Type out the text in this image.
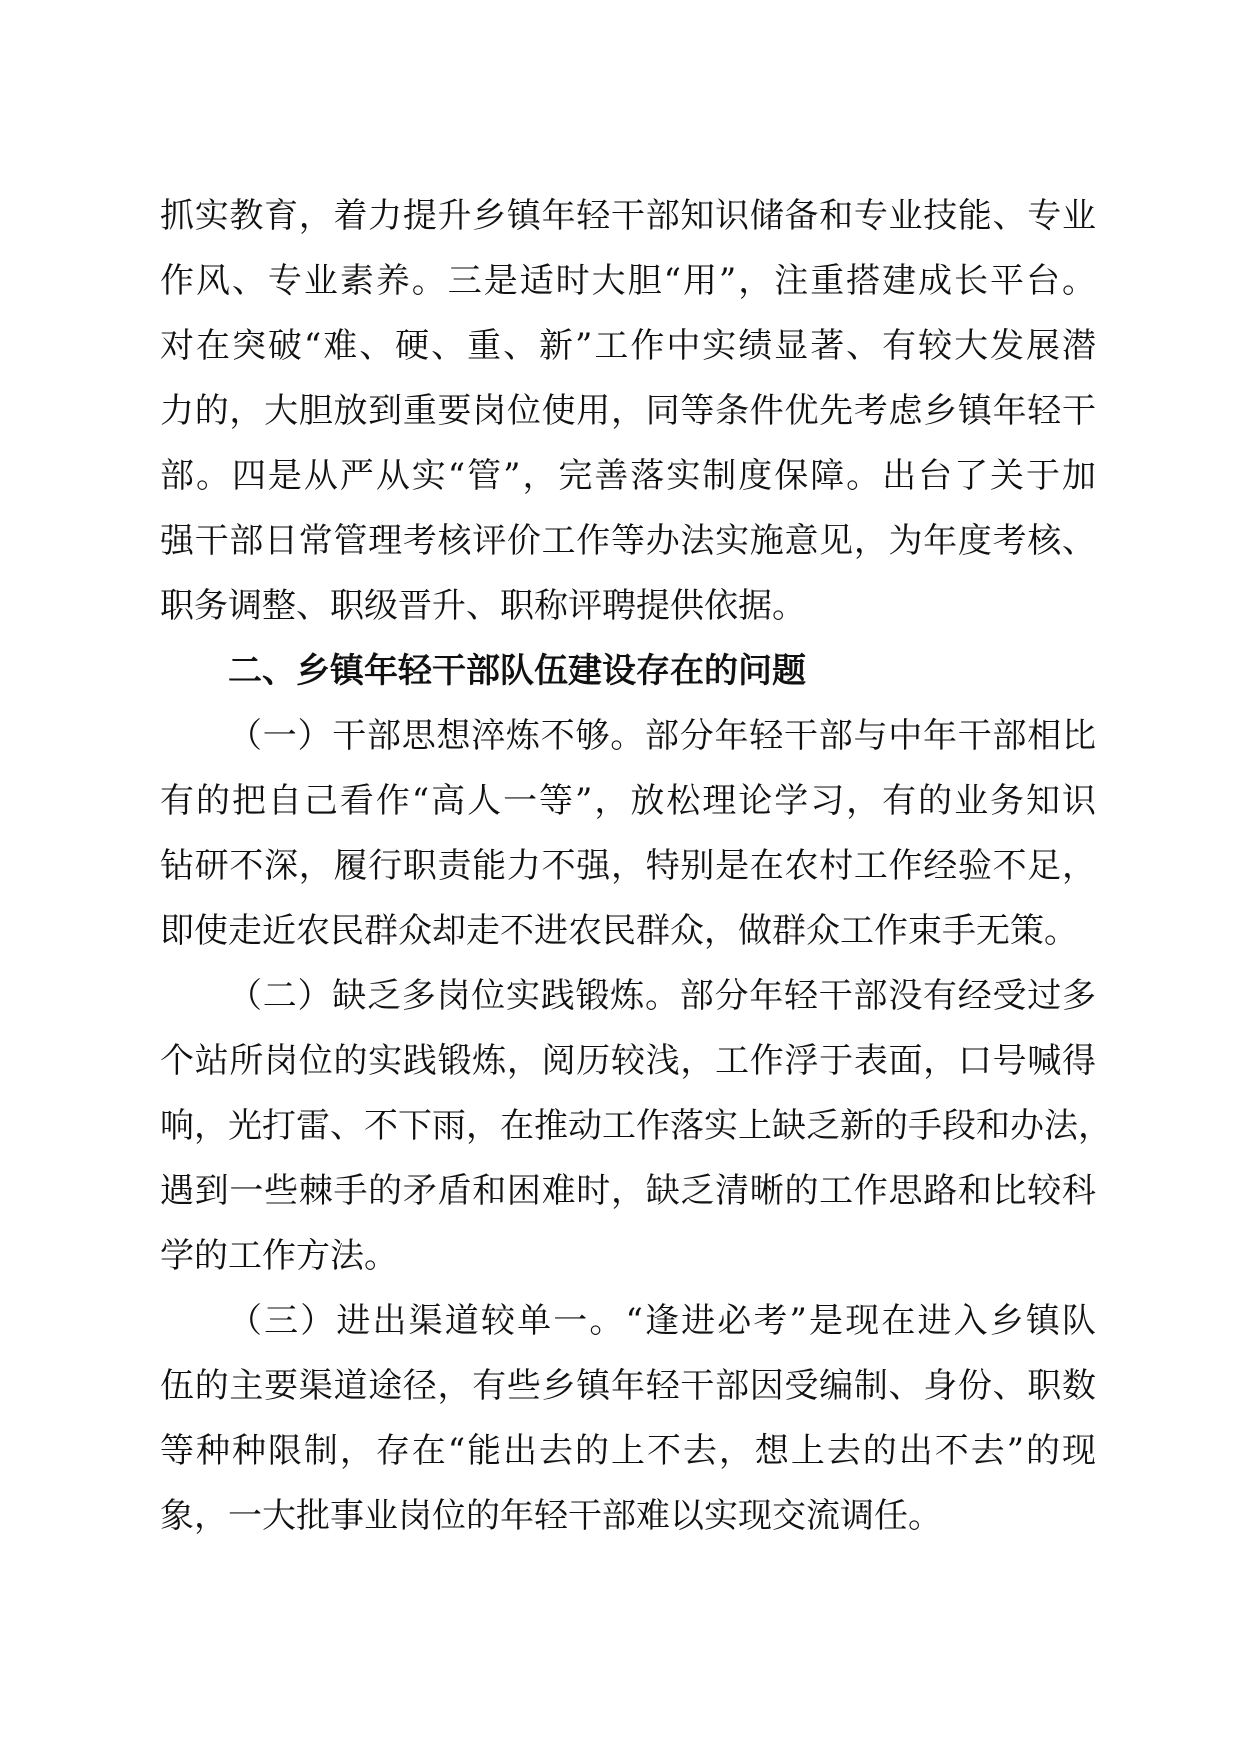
抓实教育，着力提升乡镇年轻干部知识储备和专业技能、专业
作风、专业素养。三是适时大胆“用”，注重搭建成长平台。
对在突破“难、硬、重、新”工作中实绩显著、有较大发展潜
力的，大胆放到重要岗位使用，同等条件优先考虑乡镇年轻干
部。四是从严从实“管”，完善落实制度保障。出台了关于加
强干部日常管理考核评价工作等办法实施意见，为年度考核、
职务调整、职级晋升、职称评聘提供依据。
二、乡镇年轻干部队伍建设存在的问题
（一）干部思想淬炼不够。部分年轻干部与中年干部相比
有的把自己看作“高人一等”，放松理论学习，有的业务知识
钻研不深，履行职责能力不强，特别是在农村工作经验不足，
即使走近农民群众却走不进农民群众，做群众工作束手无策。
（二）缺乏多岗位实践锻炼。部分年轻干部没有经受过多
个站所岗位的实践锻炼，阅历较浅，工作浮于表面，口号喊得
响，光打雷、不下雨，在推动工作落实上缺乏新的手段和办法，
遇到一些棘手的矛盾和困难时，缺乏清晰的工作思路和比较科
学的工作方法。
（三）进出渠道较单一。“逢进必考”是现在进入乡镇队
伍的主要渠道途径，有些乡镇年轻干部因受编制、身份、职数
等种种限制，存在“能出去的上不去，想上去的出不去”的现
象，一大批事业岗位的年轻干部难以实现交流调任。
